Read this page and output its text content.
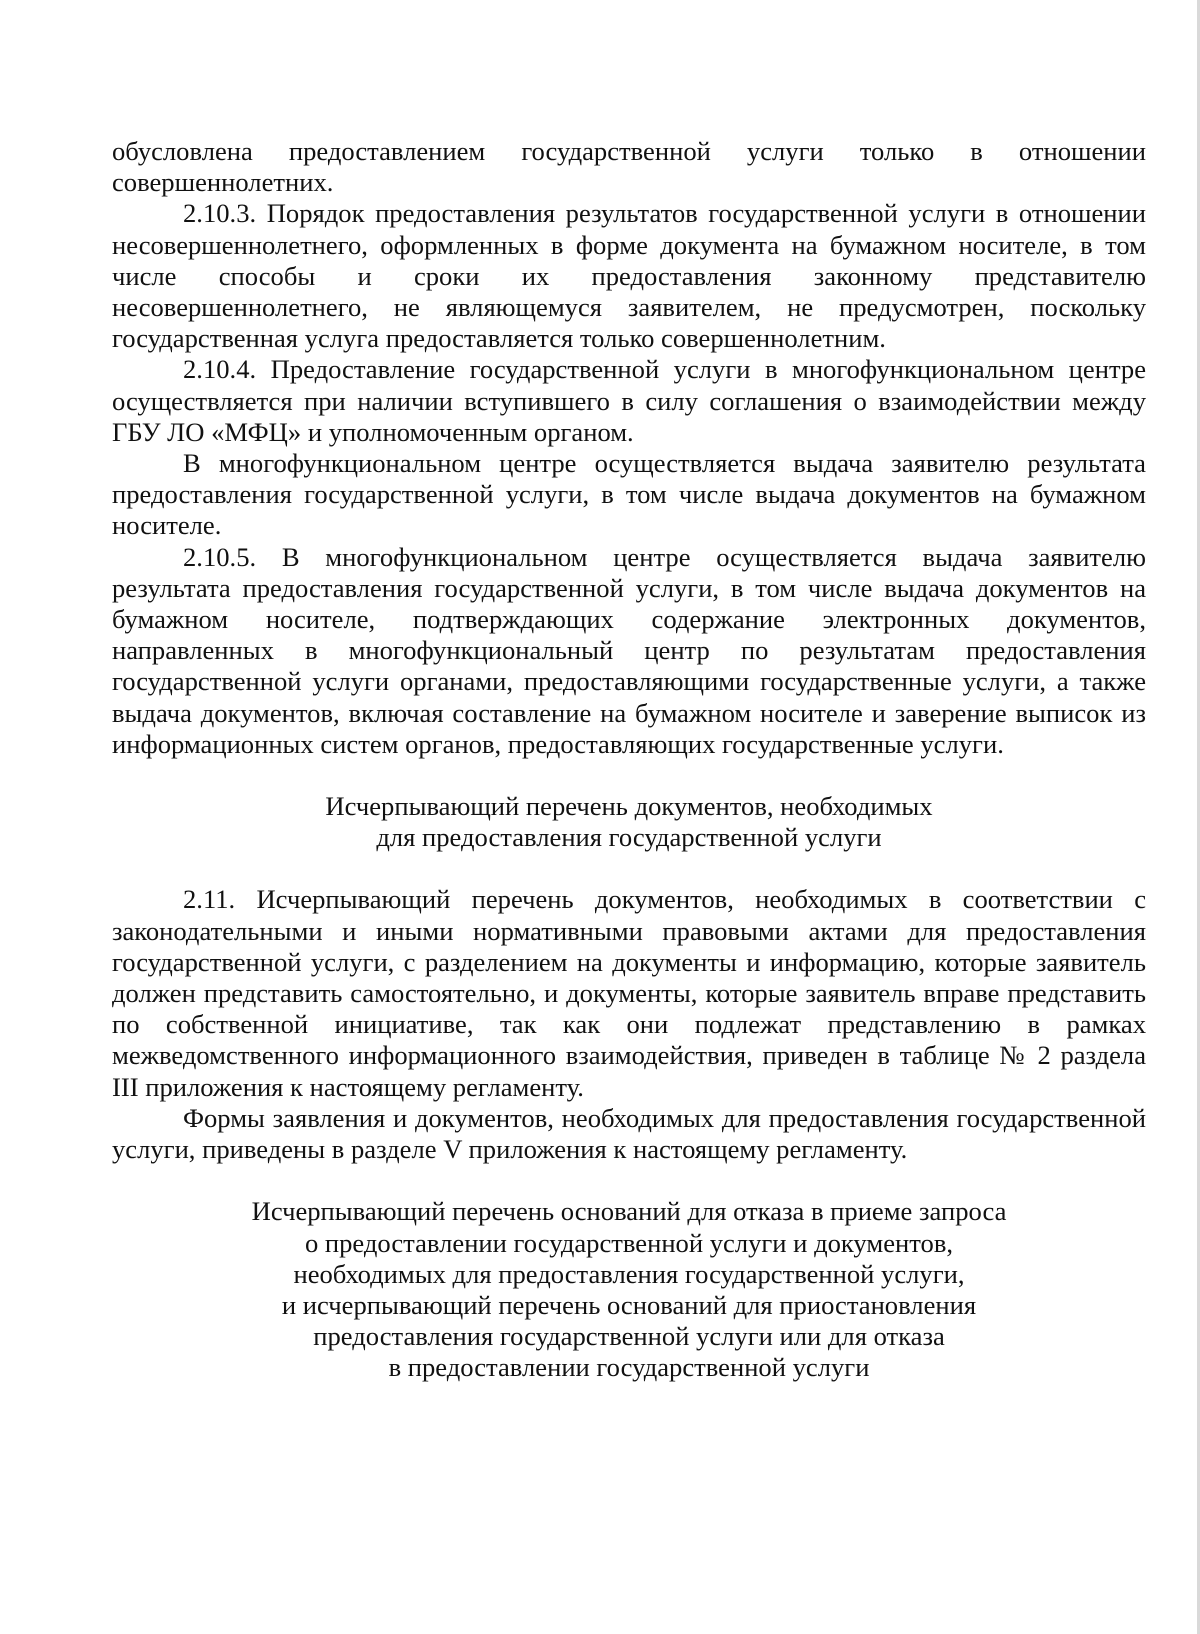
обусловлена предоставлением государственной услуги только в отношении совершеннолетних.

2.10.3. Порядок предоставления результатов государственной услуги в отношении несовершеннолетнего, оформленных в форме документа на бумажном носителе, в том числе способы и сроки их предоставления законному представителю несовершеннолетнего, не являющемуся заявителем, не предусмотрен, поскольку государственная услуга предоставляется только совершеннолетним.

2.10.4. Предоставление государственной услуги в многофункциональном центре осуществляется при наличии вступившего в силу соглашения о взаимодействии между ГБУ ЛО «МФЦ» и уполномоченным органом.

В многофункциональном центре осуществляется выдача заявителю результата предоставления государственной услуги, в том числе выдача документов на бумажном носителе.

2.10.5. В многофункциональном центре осуществляется выдача заявителю результата предоставления государственной услуги, в том числе выдача документов на бумажном носителе, подтверждающих содержание электронных документов, направленных в многофункциональный центр по результатам предоставления государственной услуги органами, предоставляющими государственные услуги, а также выдача документов, включая составление на бумажном носителе и заверение выписок из информационных систем органов, предоставляющих государственные услуги.

Исчерпывающий перечень документов, необходимых
для предоставления государственной услуги

2.11. Исчерпывающий перечень документов, необходимых в соответствии с законодательными и иными нормативными правовыми актами для предоставления государственной услуги, с разделением на документы и информацию, которые заявитель должен представить самостоятельно, и документы, которые заявитель вправе представить по собственной инициативе, так как они подлежат представлению в рамках межведомственного информационного взаимодействия, приведен в таблице № 2 раздела III приложения к настоящему регламенту.

Формы заявления и документов, необходимых для предоставления государственной услуги, приведены в разделе V приложения к настоящему регламенту.

Исчерпывающий перечень оснований для отказа в приеме запроса
о предоставлении государственной услуги и документов,
необходимых для предоставления государственной услуги,
и исчерпывающий перечень оснований для приостановления
предоставления государственной услуги или для отказа
в предоставлении государственной услуги
